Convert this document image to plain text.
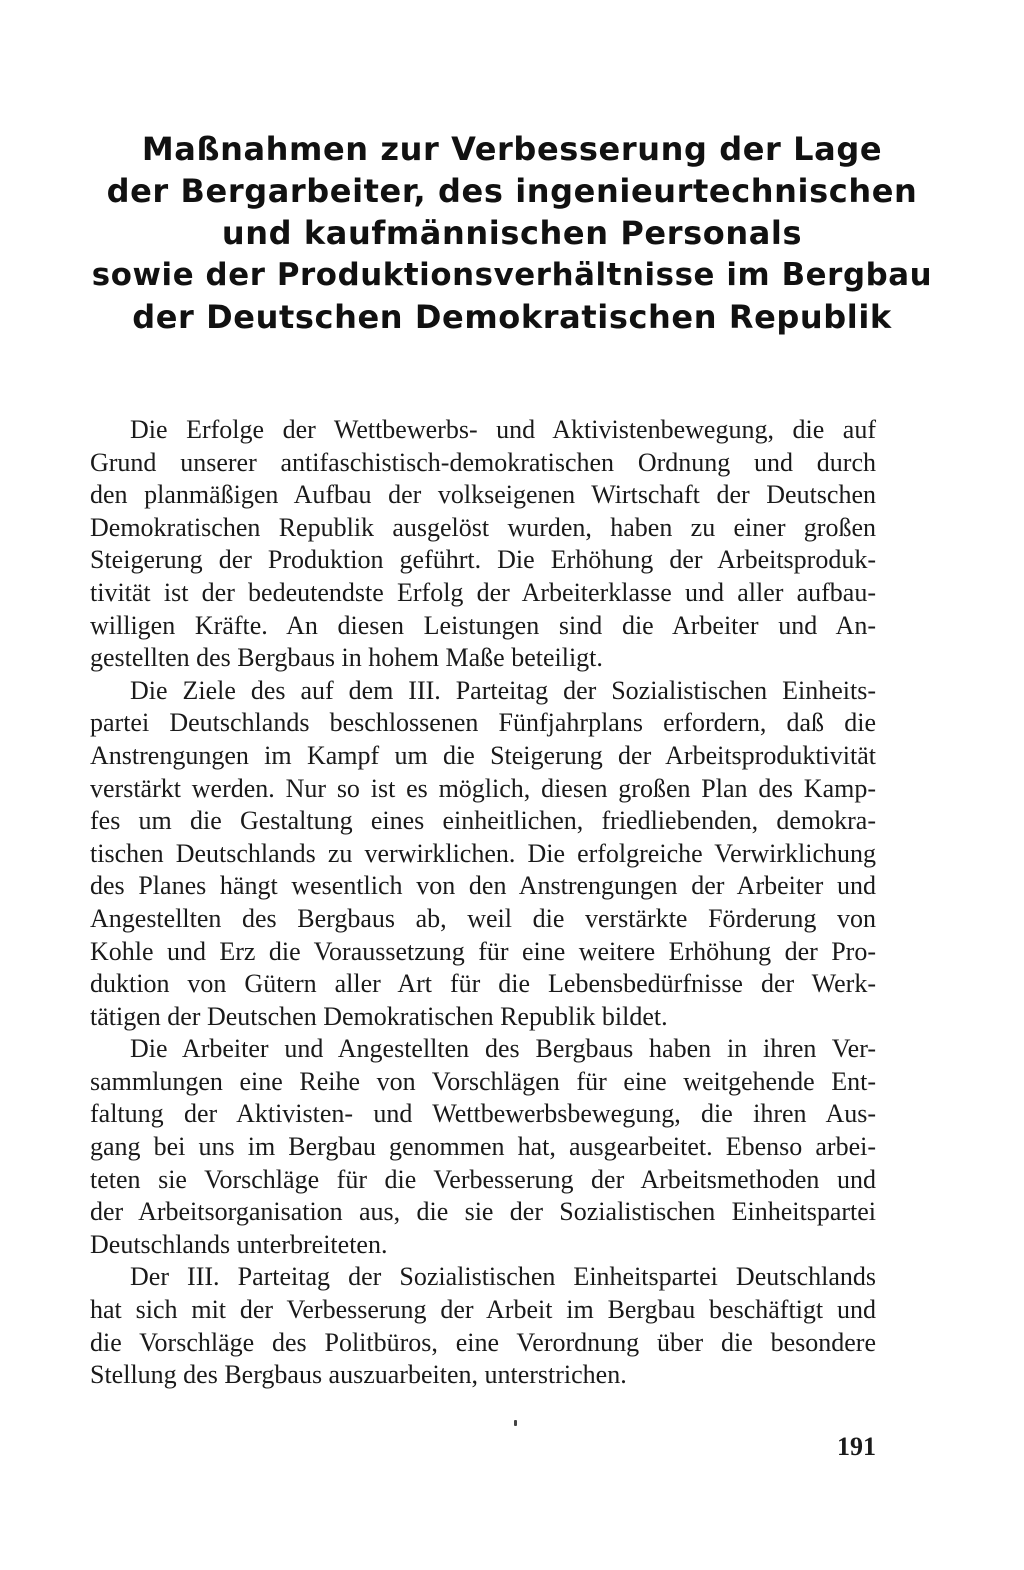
Maßnahmen zur Verbesserung der Lage
der Bergarbeiter, des ingenieurtechnischen
und kaufmännischen Personals
sowie der Produktionsverhältnisse im Bergbau
der Deutschen Demokratischen Republik
Die Erfolge der Wettbewerbs- und Aktivistenbewegung, die auf
Grund unserer antifaschistisch-demokratischen Ordnung und durch
den planmäßigen Aufbau der volkseigenen Wirtschaft der Deutschen
Demokratischen Republik ausgelöst wurden, haben zu einer großen
Steigerung der Produktion geführt. Die Erhöhung der Arbeitsproduk-
tivität ist der bedeutendste Erfolg der Arbeiterklasse und aller aufbau-
willigen Kräfte. An diesen Leistungen sind die Arbeiter und An-
gestellten des Bergbaus in hohem Maße beteiligt.
Die Ziele des auf dem III. Parteitag der Sozialistischen Einheits-
partei Deutschlands beschlossenen Fünfjahrplans erfordern, daß die
Anstrengungen im Kampf um die Steigerung der Arbeitsproduktivität
verstärkt werden. Nur so ist es möglich, diesen großen Plan des Kamp-
fes um die Gestaltung eines einheitlichen, friedliebenden, demokra-
tischen Deutschlands zu verwirklichen. Die erfolgreiche Verwirklichung
des Planes hängt wesentlich von den Anstrengungen der Arbeiter und
Angestellten des Bergbaus ab, weil die verstärkte Förderung von
Kohle und Erz die Voraussetzung für eine weitere Erhöhung der Pro-
duktion von Gütern aller Art für die Lebensbedürfnisse der Werk-
tätigen der Deutschen Demokratischen Republik bildet.
Die Arbeiter und Angestellten des Bergbaus haben in ihren Ver-
sammlungen eine Reihe von Vorschlägen für eine weitgehende Ent-
faltung der Aktivisten- und Wettbewerbsbewegung, die ihren Aus-
gang bei uns im Bergbau genommen hat, ausgearbeitet. Ebenso arbei-
teten sie Vorschläge für die Verbesserung der Arbeitsmethoden und
der Arbeitsorganisation aus, die sie der Sozialistischen Einheitspartei
Deutschlands unterbreiteten.
Der III. Parteitag der Sozialistischen Einheitspartei Deutschlands
hat sich mit der Verbesserung der Arbeit im Bergbau beschäftigt und
die Vorschläge des Politbüros, eine Verordnung über die besondere
Stellung des Bergbaus auszuarbeiten, unterstrichen.
191
